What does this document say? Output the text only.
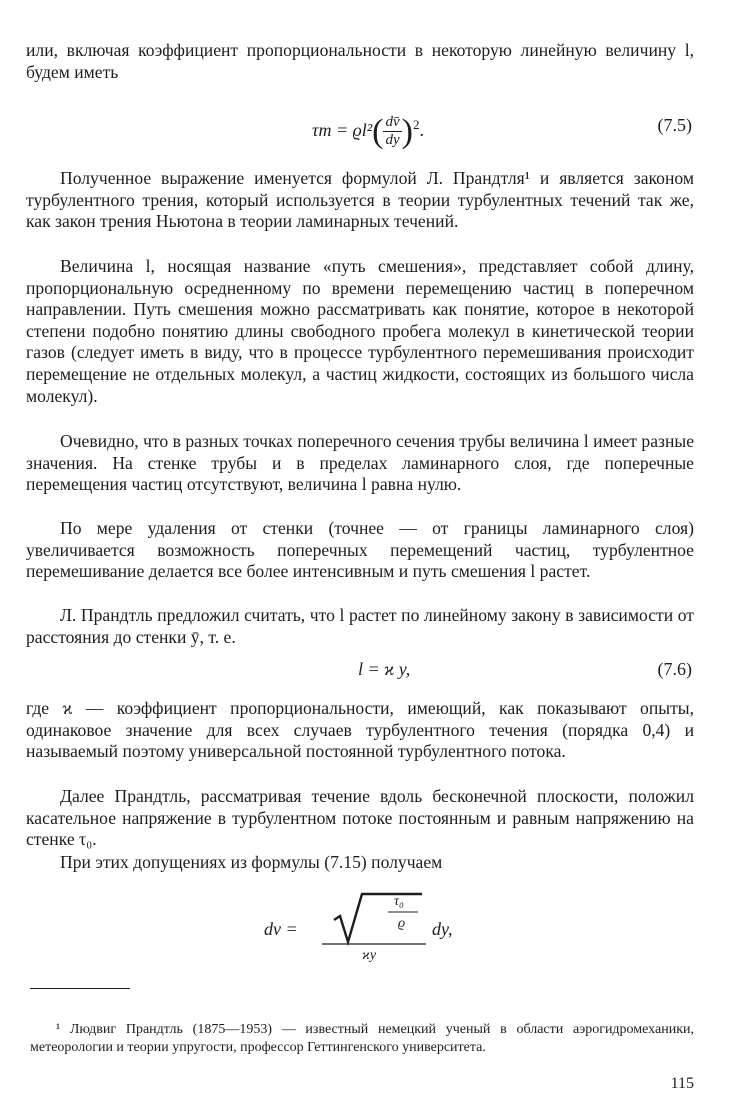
или, включая коэффициент пропорциональности в некоторую линейную величину l, будем иметь

$\tau т = ϱl^2( \frac{dv̄}{dy} )^2$.	(7.5)

Полученное выражение именуется формулой Л. Прандтля¹ и является законом турбулентного трения, который используется в теории турбулентных течений так же, как закон трения Ньютона в теории ламинарных течений.

Величина l, носящая название «путь смешения», представляет собой длину, пропорциональную осредненному по времени перемещению частиц в поперечном направлении. Путь смешения можно рассматривать как понятие, которое в некоторой степени подобно понятию длины свободного пробега молекул в кинетической теории газов (следует иметь в виду, что в процессе турбулентного перемешивания происходит перемещение не отдельных молекул, а частиц жидкости, состоящих из большого числа молекул).

Очевидно, что в разных точках поперечного сечения трубы величина l имеет разные значения. На стенке трубы и в пределах ламинарного слоя, где поперечные перемещения частиц отсутствуют, величина l равна нулю.

По мере удаления от стенки (точнее — от границы ламинарного слоя) увеличивается возможность поперечных перемещений частиц, турбулентное перемешивание делается все более интенсивным и путь смешения l растет.

Л. Прандтль предложил считать, что l растет по линейному закону в зависимости от расстояния до стенки ȳ, т. е.

l = ϰ y,	(7.6)

где ϰ — коэффициент пропорциональности, имеющий, как показывают опыты, одинаковое значение для всех случаев турбулентного течения (порядка 0,4) и называемый поэтому универсальной постоянной турбулентного потока.

Далее Прандтль, рассматривая течение вдоль бесконечной плоскости, положил касательное напряжение в турбулентном потоке постоянным и равным напряжению на стенке τ₀.

При этих допущениях из формулы (7.15) получаем

dv =
τ₀
ϱ
ϰy
dy,

¹ Людвиг Прандтль (1875—1953) — известный немецкий ученый в области аэрогидромеханики, метеорологии и теории упругости, профессор Геттингенского университета.

115
